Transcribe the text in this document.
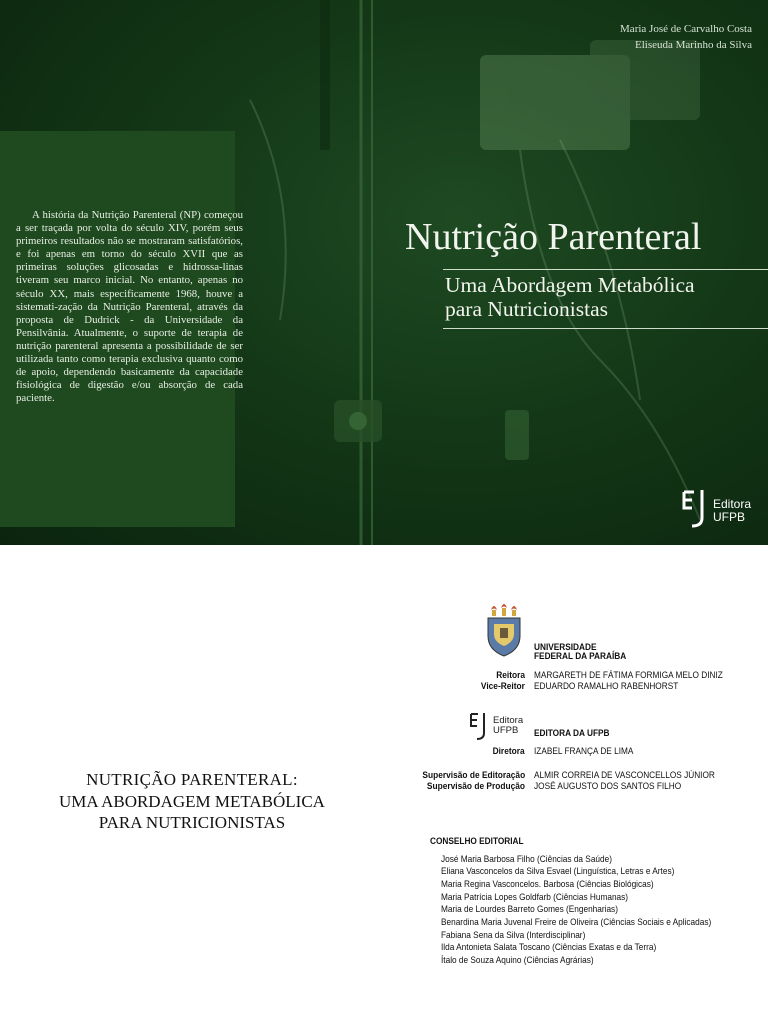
Maria José de Carvalho Costa
Eliseuda Marinho da Silva

A história da Nutrição Parenteral (NP) começou a ser traçada por volta do século XIV, porém seus primeiros resultados não se mostraram satisfatórios, e foi apenas em torno do século XVII que as primeiras soluções glicosadas e hidrossa-linas tiveram seu marco inicial. No entanto, apenas no século XX, mais especificamente 1968, houve a sistemati-zação da Nutrição Parenteral, através da proposta de Dudrick - da Universidade da Pensilvânia. Atualmente, o suporte de terapia de nutrição parenteral apresenta a possibilidade de ser utilizada tanto como terapia exclusiva quanto como de apoio, dependendo basicamente da capacidade fisiológica de digestão e/ou absorção de cada paciente.

Nutrição Parenteral
Uma Abordagem Metabólica
para Nutricionistas
Editora
UFPB
NUTRIÇÃO PARENTERAL:
UMA ABORDAGEM METABÓLICA
PARA NUTRICIONISTAS
UNIVERSIDADE
FEDERAL DA PARAÍBA
Reitora MARGARETH DE FÁTIMA FORMIGA MELO DINIZ
Vice-Reitor EDUARDO RAMALHO RABENHORST
Editora
UFPB EDITORA DA UFPB
Diretora IZABEL FRANÇA DE LIMA
Supervisão de Editoração ALMIR CORREIA DE VASCONCELLOS JÚNIOR
Supervisão de Produção JOSÉ AUGUSTO DOS SANTOS FILHO
CONSELHO EDITORIAL
José Maria Barbosa Filho (Ciências da Saúde)
Eliana Vasconcelos da Silva Esvael (Linguística, Letras e Artes)
Maria Regina Vasconcelos. Barbosa (Ciências Biológicas)
Maria Patrícia Lopes Goldfarb (Ciências Humanas)
Maria de Lourdes Barreto Gomes (Engenharias)
Benardina Maria Juvenal Freire de Oliveira (Ciências Sociais e Aplicadas)
Fabiana Sena da Silva (Interdisciplinar)
Ilda Antonieta Salata Toscano (Ciências Exatas e da Terra)
Ítalo de Souza Aquino (Ciências Agrárias)
